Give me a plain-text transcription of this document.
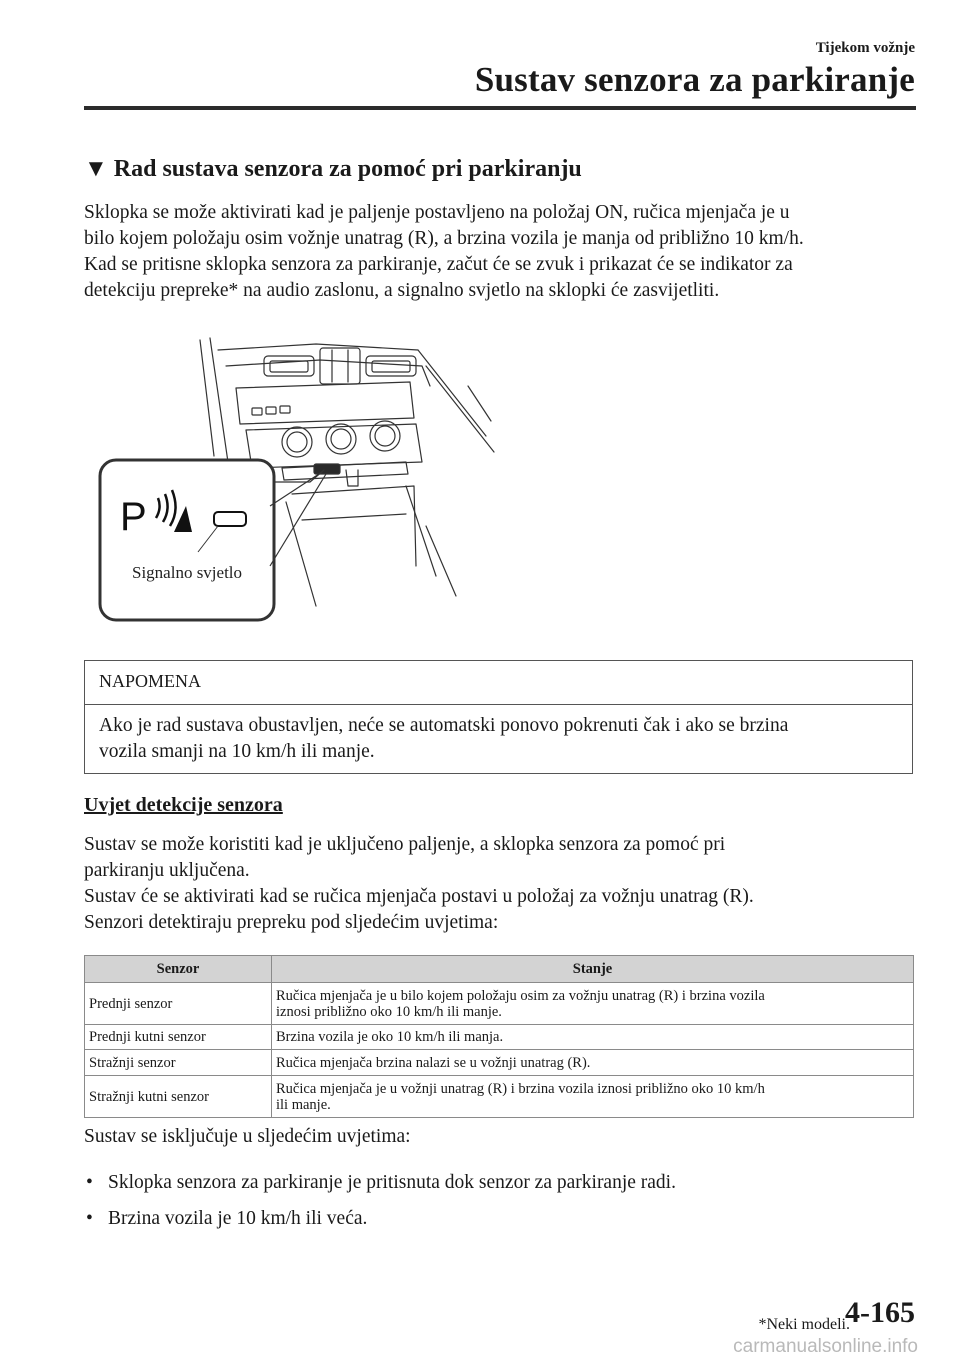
Tijekom vožnje
Sustav senzora za parkiranje
▼ Rad sustava senzora za pomoć pri parkiranju
Sklopka se može aktivirati kad je paljenje postavljeno na položaj ON, ručica mjenjača je u
bilo kojem položaju osim vožnje unatrag (R), a brzina vozila je manja od približno 10 km/h.
Kad se pritisne sklopka senzora za parkiranje, začut će se zvuk i prikazat će se indikator za
detekciju prepreke* na audio zaslonu, a signalno svjetlo na sklopki će zasvijetliti.
P
Signalno svjetlo
NAPOMENA
Ako je rad sustava obustavljen, neće se automatski ponovo pokrenuti čak i ako se brzina
vozila smanji na 10 km/h ili manje.
Uvjet detekcije senzora
Sustav se može koristiti kad je uključeno paljenje, a sklopka senzora za pomoć pri
parkiranju uključena.
Sustav će se aktivirati kad se ručica mjenjača postavi u položaj za vožnju unatrag (R).
Senzori detektiraju prepreku pod sljedećim uvjetima:
Senzor	Stanje
Prednji senzor	Ručica mjenjača je u bilo kojem položaju osim za vožnju unatrag (R) i brzina vozila
iznosi približno oko 10 km/h ili manje.

Prednji kutni senzor	Brzina vozila je oko 10 km/h ili manja.

Stražnji senzor	Ručica mjenjača brzina nalazi se u vožnji unatrag (R).

Stražnji kutni senzor	Ručica mjenjača je u vožnji unatrag (R) i brzina vozila iznosi približno oko 10 km/h
ili manje.
Sustav se isključuje u sljedećim uvjetima:
• Sklopka senzora za parkiranje je pritisnuta dok senzor za parkiranje radi.
• Brzina vozila je 10 km/h ili veća.
*Neki modeli.
4-165
carmanualsonline.info
